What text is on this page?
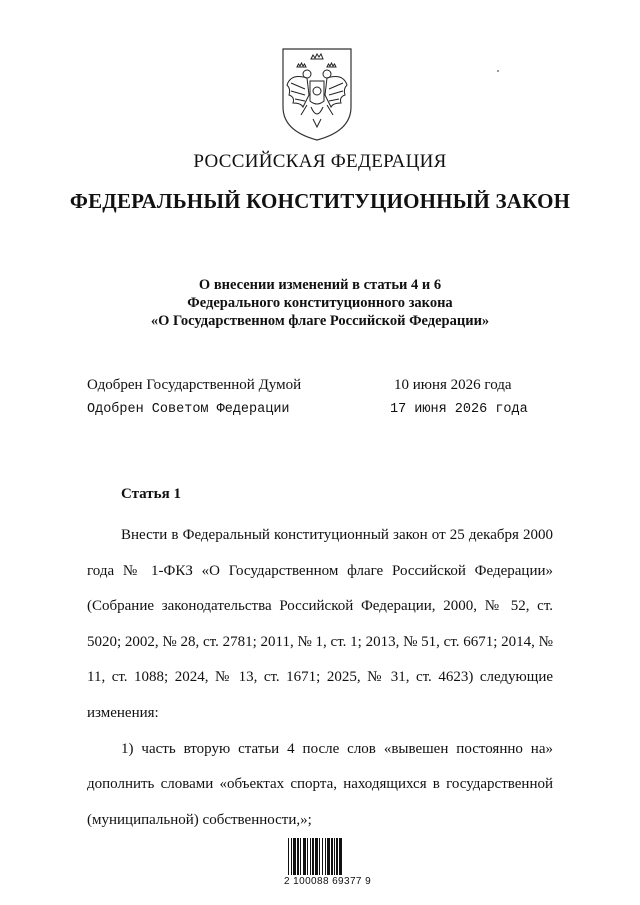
РОССИЙСКАЯ ФЕДЕРАЦИЯ
ФЕДЕРАЛЬНЫЙ КОНСТИТУЦИОННЫЙ ЗАКОН
О внесении изменений в статьи 4 и 6
Федерального конституционного закона
«О Государственном флаге Российской Федерации»
Одобрен Государственной Думой	10 июня 2026 года
Одобрен Советом Федерации	17 июня 2026 года
Статья 1

Внести в Федеральный конституционный закон от 25 декабря 2000 года № 1-ФКЗ «О Государственном флаге Российской Федерации» (Собрание законодательства Российской Федерации, 2000, № 52, ст. 5020; 2002, № 28, ст. 2781; 2011, № 1, ст. 1; 2013, № 51, ст. 6671; 2014, № 11, ст. 1088; 2024, № 13, ст. 1671; 2025, № 31, ст. 4623) следующие изменения:

1) часть вторую статьи 4 после слов «вывешен постоянно на» дополнить словами «объектах спорта, находящихся в государственной (муниципальной) собственности,»;

2 100088 69377 9
